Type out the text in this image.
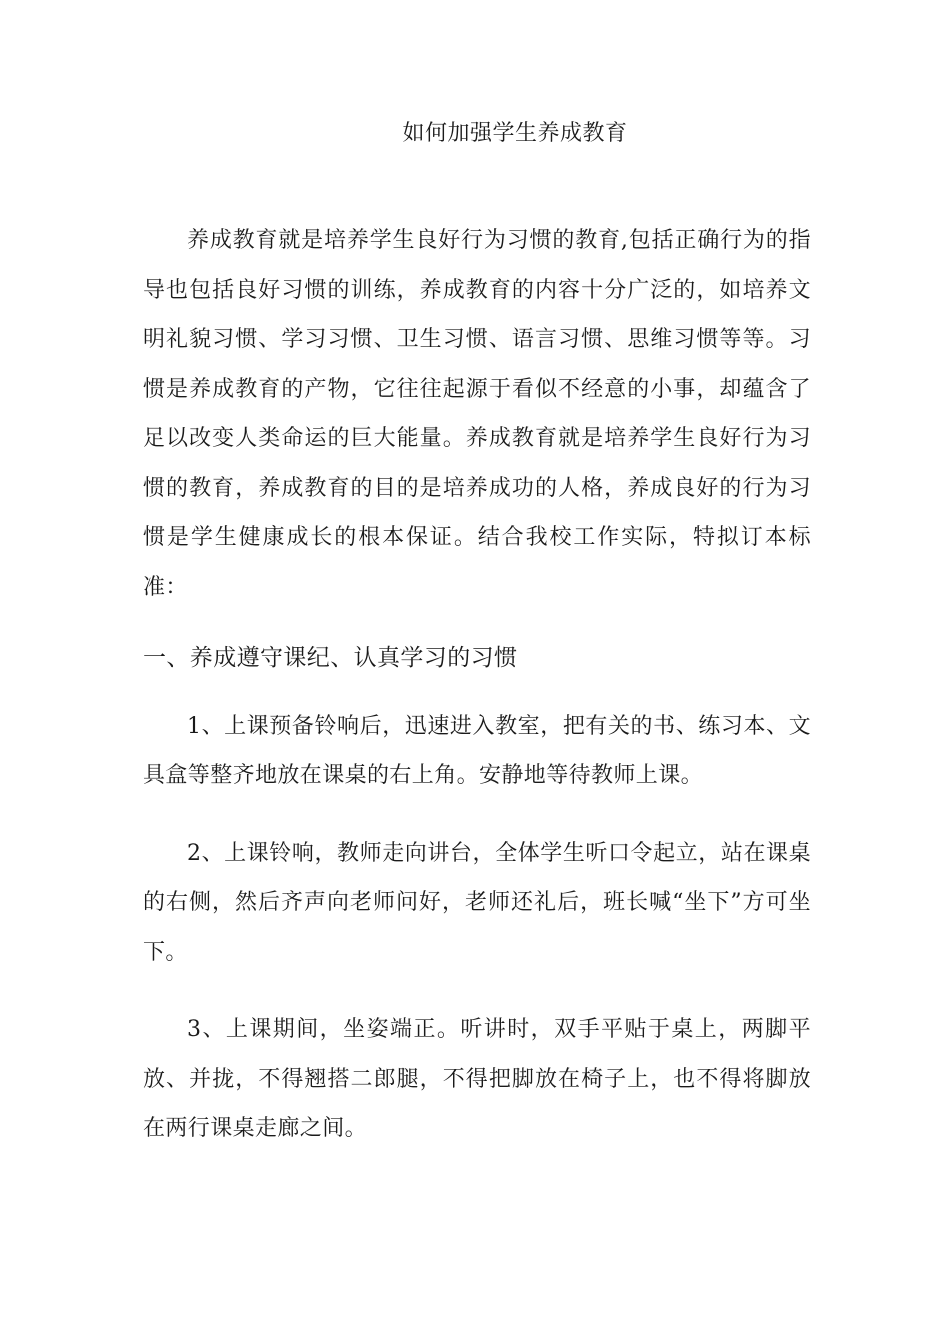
如何加强学生养成教育

养成教育就是培养学生良好行为习惯的教育,包括正确行为的指导也包括良好习惯的训练，养成教育的内容十分广泛的，如培养文明礼貌习惯、学习习惯、卫生习惯、语言习惯、思维习惯等等。习惯是养成教育的产物，它往往起源于看似不经意的小事，却蕴含了足以改变人类命运的巨大能量。养成教育就是培养学生良好行为习惯的教育，养成教育的目的是培养成功的人格，养成良好的行为习惯是学生健康成长的根本保证。结合我校工作实际，特拟订本标准：

一、养成遵守课纪、认真学习的习惯

1、上课预备铃响后，迅速进入教室，把有关的书、练习本、文具盒等整齐地放在课桌的右上角。安静地等待教师上课。

2、上课铃响，教师走向讲台，全体学生听口令起立，站在课桌的右侧，然后齐声向老师问好，老师还礼后，班长喊“坐下”方可坐下。

3、上课期间，坐姿端正。听讲时，双手平贴于桌上，两脚平放、并拢，不得翘搭二郎腿，不得把脚放在椅子上，也不得将脚放在两行课桌走廊之间。
